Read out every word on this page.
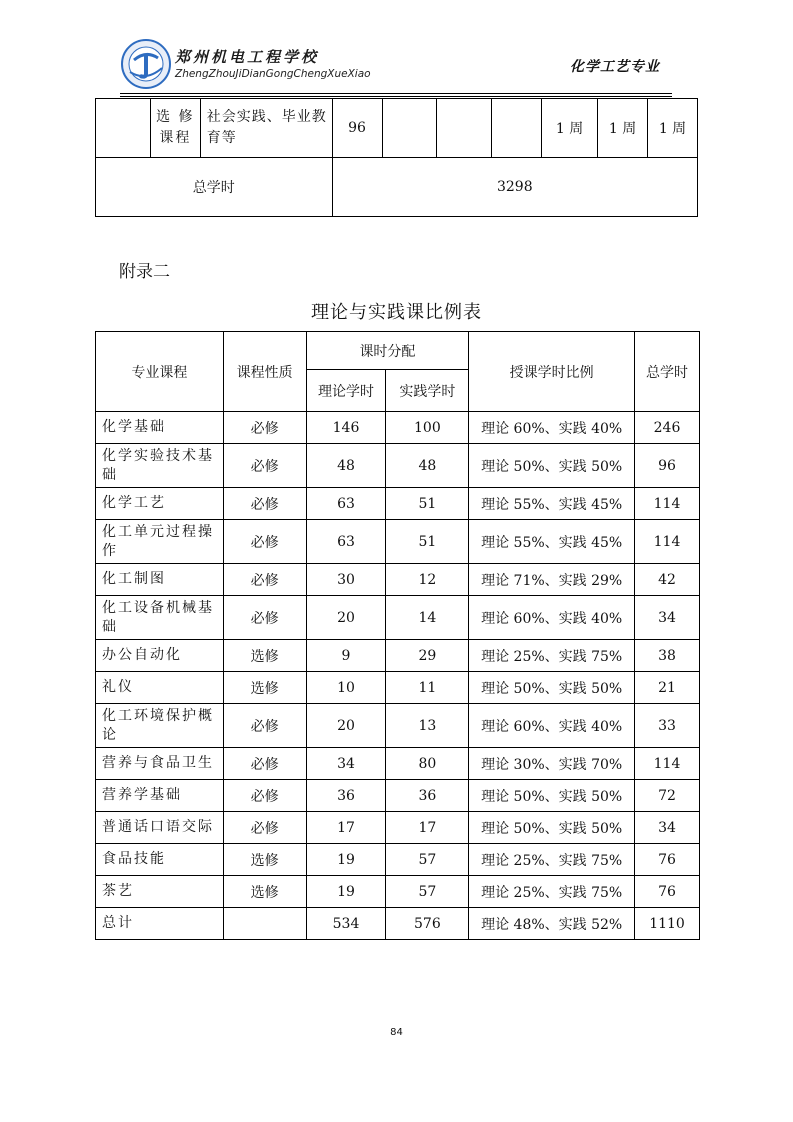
郑州机电工程学校
ZhengZhouJiDianGongChengXueXiao	化学工艺专业
	选 修 课程	社会实践、毕业教育等	96				1 周	1 周	1 周
总学时			3298						
附录二
理论与实践课比例表
专业课程	课程性质	课时分配		授课学时比例	总学时
		理论学时	实践学时		
化学基础	必修	146	100	理论 60%、实践 40%	246
化学实验技术基础	必修	48	48	理论 50%、实践 50%	96
化学工艺	必修	63	51	理论 55%、实践 45%	114
化工单元过程操作	必修	63	51	理论 55%、实践 45%	114
化工制图	必修	30	12	理论 71%、实践 29%	42
化工设备机械基础	必修	20	14	理论 60%、实践 40%	34
办公自动化	选修	9	29	理论 25%、实践 75%	38
礼仪	选修	10	11	理论 50%、实践 50%	21
化工环境保护概论	必修	20	13	理论 60%、实践 40%	33
营养与食品卫生	必修	34	80	理论 30%、实践 70%	114
营养学基础	必修	36	36	理论 50%、实践 50%	72
普通话口语交际	必修	17	17	理论 50%、实践 50%	34
食品技能	选修	19	57	理论 25%、实践 75%	76
茶艺	选修	19	57	理论 25%、实践 75%	76
总计		534	576	理论 48%、实践 52%	1110
84
